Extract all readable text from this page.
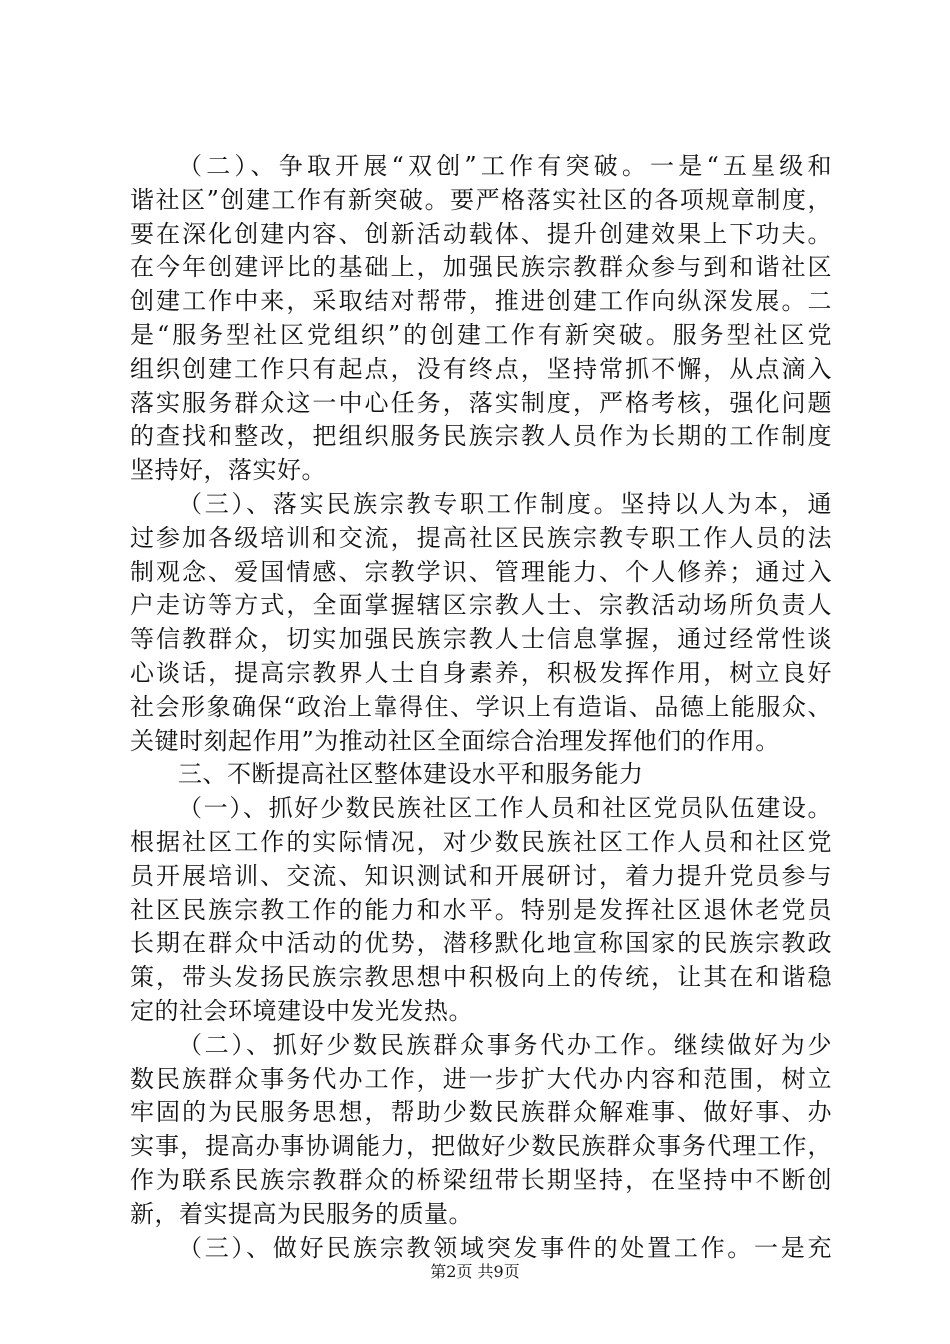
（二）、争取开展“双创”工作有突破。一是“五星级和
谐社区”创建工作有新突破。要严格落实社区的各项规章制度，
要在深化创建内容、创新活动载体、提升创建效果上下功夫。
在今年创建评比的基础上，加强民族宗教群众参与到和谐社区
创建工作中来，采取结对帮带，推进创建工作向纵深发展。二
是“服务型社区党组织”的创建工作有新突破。服务型社区党
组织创建工作只有起点，没有终点，坚持常抓不懈，从点滴入
落实服务群众这一中心任务，落实制度，严格考核，强化问题
的查找和整改，把组织服务民族宗教人员作为长期的工作制度
坚持好，落实好。
（三）、落实民族宗教专职工作制度。坚持以人为本，通
过参加各级培训和交流，提高社区民族宗教专职工作人员的法
制观念、爱国情感、宗教学识、管理能力、个人修养；通过入
户走访等方式，全面掌握辖区宗教人士、宗教活动场所负责人
等信教群众，切实加强民族宗教人士信息掌握，通过经常性谈
心谈话，提高宗教界人士自身素养，积极发挥作用，树立良好
社会形象确保“政治上靠得住、学识上有造诣、品德上能服众、
关键时刻起作用”为推动社区全面综合治理发挥他们的作用。
三、不断提高社区整体建设水平和服务能力
（一）、抓好少数民族社区工作人员和社区党员队伍建设。
根据社区工作的实际情况，对少数民族社区工作人员和社区党
员开展培训、交流、知识测试和开展研讨，着力提升党员参与
社区民族宗教工作的能力和水平。特别是发挥社区退休老党员
长期在群众中活动的优势，潜移默化地宣称国家的民族宗教政
策，带头发扬民族宗教思想中积极向上的传统，让其在和谐稳
定的社会环境建设中发光发热。
（二）、抓好少数民族群众事务代办工作。继续做好为少
数民族群众事务代办工作，进一步扩大代办内容和范围，树立
牢固的为民服务思想，帮助少数民族群众解难事、做好事、办
实事，提高办事协调能力，把做好少数民族群众事务代理工作，
作为联系民族宗教群众的桥梁纽带长期坚持，在坚持中不断创
新，着实提高为民服务的质量。
（三）、做好民族宗教领域突发事件的处置工作。一是充
第2页 共9页
